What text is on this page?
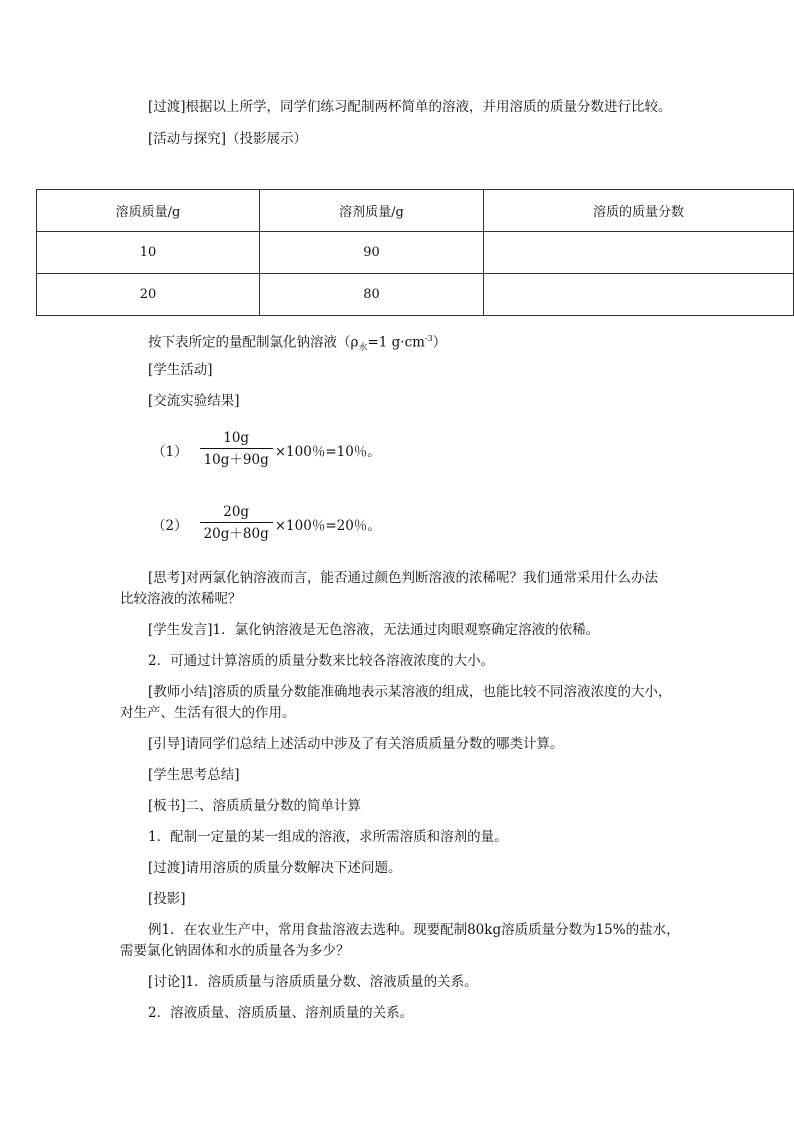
[过渡]根据以上所学，同学们练习配制两杯简单的溶液，并用溶质的质量分数进行比较。
[活动与探究]（投影展示）
溶质质量/g	溶剂质量/g	溶质的质量分数
10	90	
20	80	
按下表所定的量配制氯化钠溶液（$\rho_水=1$ $g\cdot cm^{-3}$）
[学生活动]
[交流实验结果]
$(1) \frac{10g}{10g+90g} \times 100$％=10％。
$(2) \frac{20g}{20g+80g} \times 100$％=20％。
[思考]对两氯化钠溶液而言，能否通过颜色判断溶液的浓稀呢？我们通常采用什么办法
比较溶液的浓稀呢？
[学生发言]1．氯化钠溶液是无色溶液，无法通过肉眼观察确定溶液的依稀。
2．可通过计算溶质的质量分数来比较各溶液浓度的大小。
[教师小结]溶质的质量分数能准确地表示某溶液的组成，也能比较不同溶液浓度的大小，
对生产、生活有很大的作用。
[引导]请同学们总结上述活动中涉及了有关溶质质量分数的哪类计算。
[学生思考总结]
[板书]二、溶质质量分数的简单计算
1．配制一定量的某一组成的溶液，求所需溶质和溶剂的量。
[过渡]请用溶质的质量分数解决下述问题。
[投影]
例1．在农业生产中，常用食盐溶液去选种。现要配制80kg溶质质量分数为15%的盐水，
需要氯化钠固体和水的质量各为多少？
[讨论]1．溶质质量与溶质质量分数、溶液质量的关系。
2．溶液质量、溶质质量、溶剂质量的关系。
